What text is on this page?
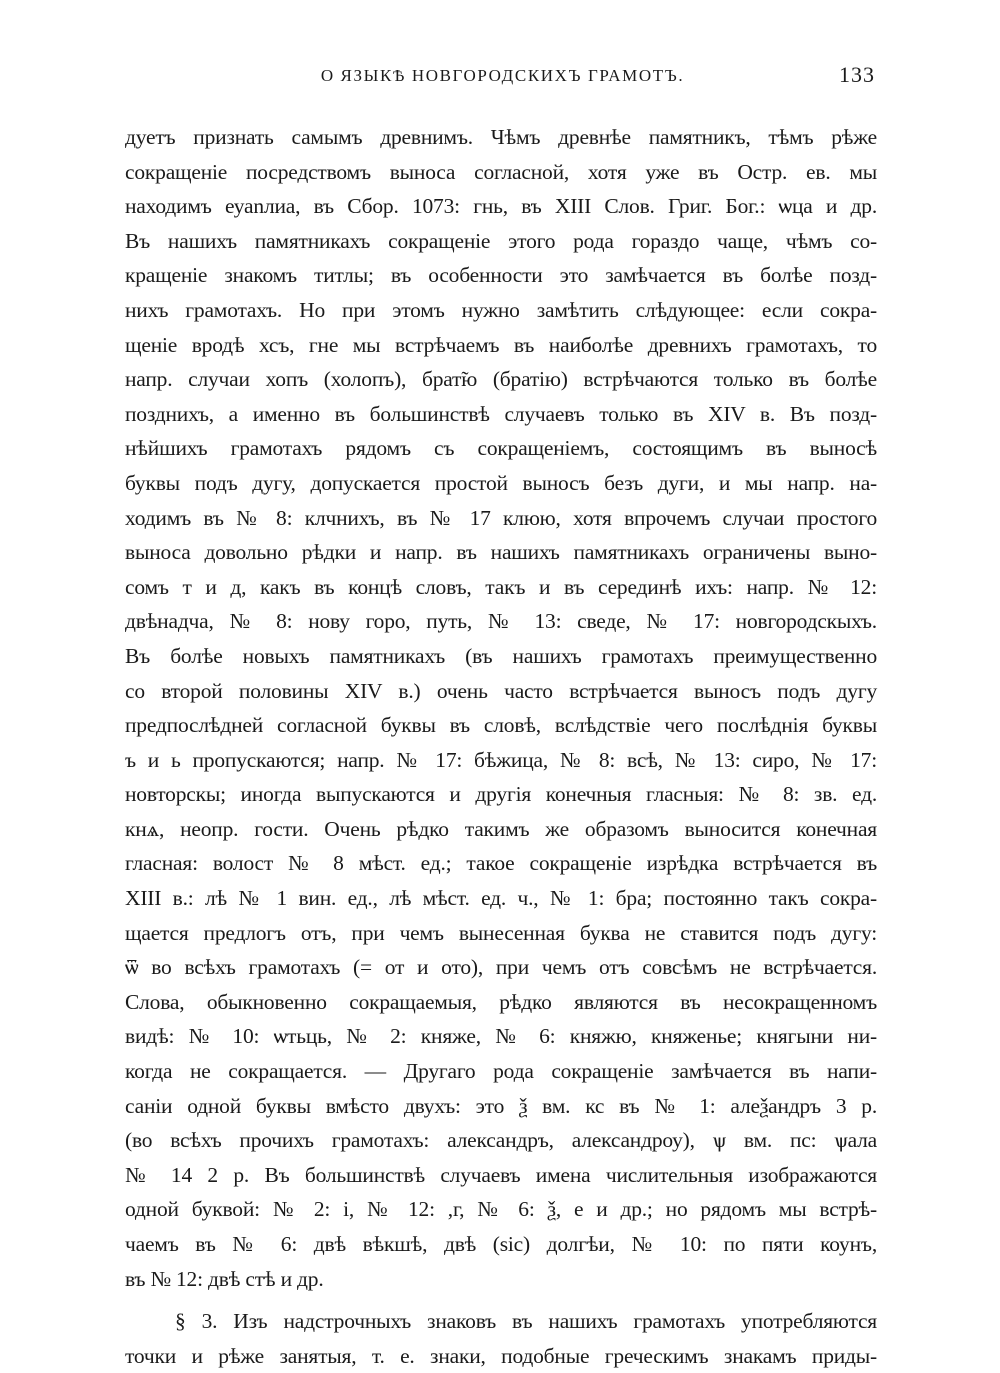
О ЯЗЫКѢ НОВГОРОДСКИХЪ ГРАМОТЪ.	133
дуетъ признать самымъ древнимъ. Чѣмъ древнѣе памятникъ, тѣмъ рѣже
сокращеніе посредствомъ выноса согласной, хотя уже въ Остр. ев. мы
находимъ еуаnлиа, въ Сбор. 1073: гнь, въ XIII Слов. Григ. Бог.: ѡца и др.
Въ нашихъ памятникахъ сокращеніе этого рода гораздо чаще, чѣмъ со-
кращеніе знакомъ титлы; въ особенности это замѣчается въ болѣе позд-
нихъ грамотахъ. Но при этомъ нужно замѣтить слѣдующее: если сокра-
щеніе вродѣ хсъ, гне мы встрѣчаемъ въ наиболѣе древнихъ грамотахъ, то
напр. случаи хопъ (холопъ), брат̃ю (братію) встрѣчаются только въ болѣе
позднихъ, а именно въ большинствѣ случаевъ только въ XIV в. Въ позд-
нѣйшихъ грамотахъ рядомъ съ сокращеніемъ, состоящимъ въ выносѣ
буквы подъ дугу, допускается простой выносъ безъ дуги, и мы напр. на-
ходимъ въ № 8: клчнихъ, въ № 17 клюю, хотя впрочемъ случаи простого
выноса довольно рѣдки и напр. въ нашихъ памятникахъ ограничены выно-
сомъ т и д, какъ въ концѣ словъ, такъ и въ серединѣ ихъ: напр. № 12:
двѣнадча, № 8: нову горо, путь, № 13: сведе, № 17: новгородскыхъ.
Въ болѣе новыхъ памятникахъ (въ нашихъ грамотахъ преимущественно
со второй половины XIV в.) очень часто встрѣчается выносъ подъ дугу
предпослѣдней согласной буквы въ словѣ, вслѣдствіе чего послѣднія буквы
ъ и ь пропускаются; напр. № 17: бѣжица, № 8: всѣ, № 13: сиро, № 17:
новторскы; иногда выпускаются и другія конечныя гласныя: № 8: зв. ед.
кнѧ, неопр. гости. Очень рѣдко такимъ же образомъ выносится конечная
гласная: волост № 8 мѣст. ед.; такое сокращеніе изрѣдка встрѣчается въ
XIII в.: лѣ № 1 вин. ед., лѣ мѣст. ед. ч., № 1: бра; постоянно такъ сокра-
щается предлогъ отъ, при чемъ вынесенная буква не ставится подъ дугу:
ѿ во всѣхъ грамотахъ (= от и ото), при чемъ отъ совсѣмъ не встрѣчается.
Слова, обыкновенно сокращаемыя, рѣдко являются въ несокращенномъ
видѣ: № 10: ѡтьць, № 2: княже, № 6: княжю, княженье; княгыни ни-
когда не сокращается. — Другаго рода сокращеніе замѣчается въ напи-
саніи одной буквы вмѣсто двухъ: это ѯ вм. кс въ № 1: алеѯандръ 3 р.
(во всѣхъ прочихъ грамотахъ: александръ, александроу), ѱ вм. пс: ѱала
№ 14 2 р. Въ большинствѣ случаевъ имена числительныя изображаются
одной буквой: № 2: і, № 12: ,г, № 6: ѯ, е и др.; но рядомъ мы встрѣ-
чаемъ въ № 6: двѣ вѣкшѣ, двѣ (sic) долгѣи, № 10: по пяти коунъ,
въ № 12: двѣ стѣ и др.
§ 3. Изъ надстрочныхъ знаковъ въ нашихъ грамотахъ употребляются
точки и рѣже занятыя, т. е. знаки, подобные греческимъ знакамъ приды-
